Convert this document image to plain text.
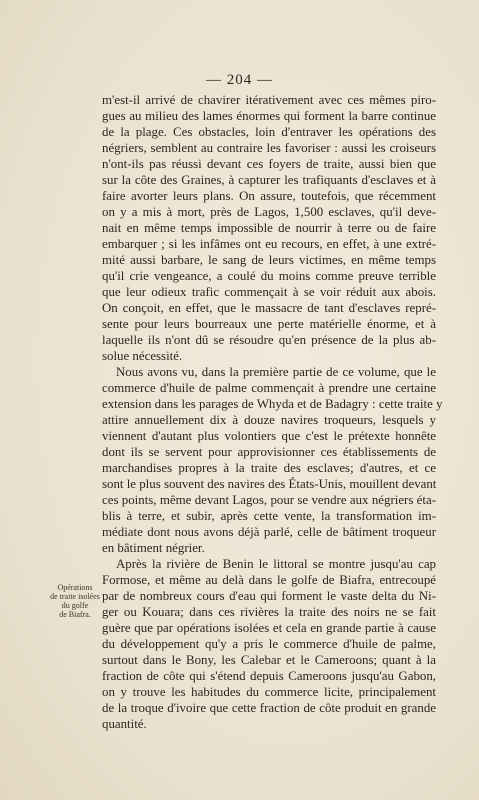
— 204 —
Opérations
de traite isolées
du golfe
de Biafra.
m'est-il arrivé de chavirer itérativement avec ces mêmes piro-
gues au milieu des lames énormes qui forment la barre continue
de la plage. Ces obstacles, loin d'entraver les opérations des
négriers, semblent au contraire les favoriser : aussi les croiseurs
n'ont-ils pas réussi devant ces foyers de traite, aussi bien que
sur la côte des Graines, à capturer les trafiquants d'esclaves et à
faire avorter leurs plans. On assure, toutefois, que récemment
on y a mis à mort, près de Lagos, 1,500 esclaves, qu'il deve-
nait en même temps impossible de nourrir à terre ou de faire
embarquer ; si les infâmes ont eu recours, en effet, à une extré-
mité aussi barbare, le sang de leurs victimes, en même temps
qu'il crie vengeance, a coulé du moins comme preuve terrible
que leur odieux trafic commençait à se voir réduit aux abois.
On conçoit, en effet, que le massacre de tant d'esclaves repré-
sente pour leurs bourreaux une perte matérielle énorme, et à
laquelle ils n'ont dû se résoudre qu'en présence de la plus ab-
solue nécessité.
Nous avons vu, dans la première partie de ce volume, que le
commerce d'huile de palme commençait à prendre une certaine
extension dans les parages de Whyda et de Badagry : cette traite y
attire annuellement dix à douze navires troqueurs, lesquels y
viennent d'autant plus volontiers que c'est le prétexte honnête
dont ils se servent pour approvisionner ces établissements de
marchandises propres à la traite des esclaves; d'autres, et ce
sont le plus souvent des navires des États-Unis, mouillent devant
ces points, même devant Lagos, pour se vendre aux négriers éta-
blis à terre, et subir, après cette vente, la transformation im-
médiate dont nous avons déjà parlé, celle de bâtiment troqueur
en bâtiment négrier.
Après la rivière de Benin le littoral se montre jusqu'au cap
Formose, et même au delà dans le golfe de Biafra, entrecoupé
par de nombreux cours d'eau qui forment le vaste delta du Ni-
ger ou Kouara; dans ces rivières la traite des noirs ne se fait
guère que par opérations isolées et cela en grande partie à cause
du développement qu'y a pris le commerce d'huile de palme,
surtout dans le Bony, les Calebar et le Cameroons; quant à la
fraction de côte qui s'étend depuis Cameroons jusqu'au Gabon,
on y trouve les habitudes du commerce licite, principalement
de la troque d'ivoire que cette fraction de côte produit en grande
quantité.
